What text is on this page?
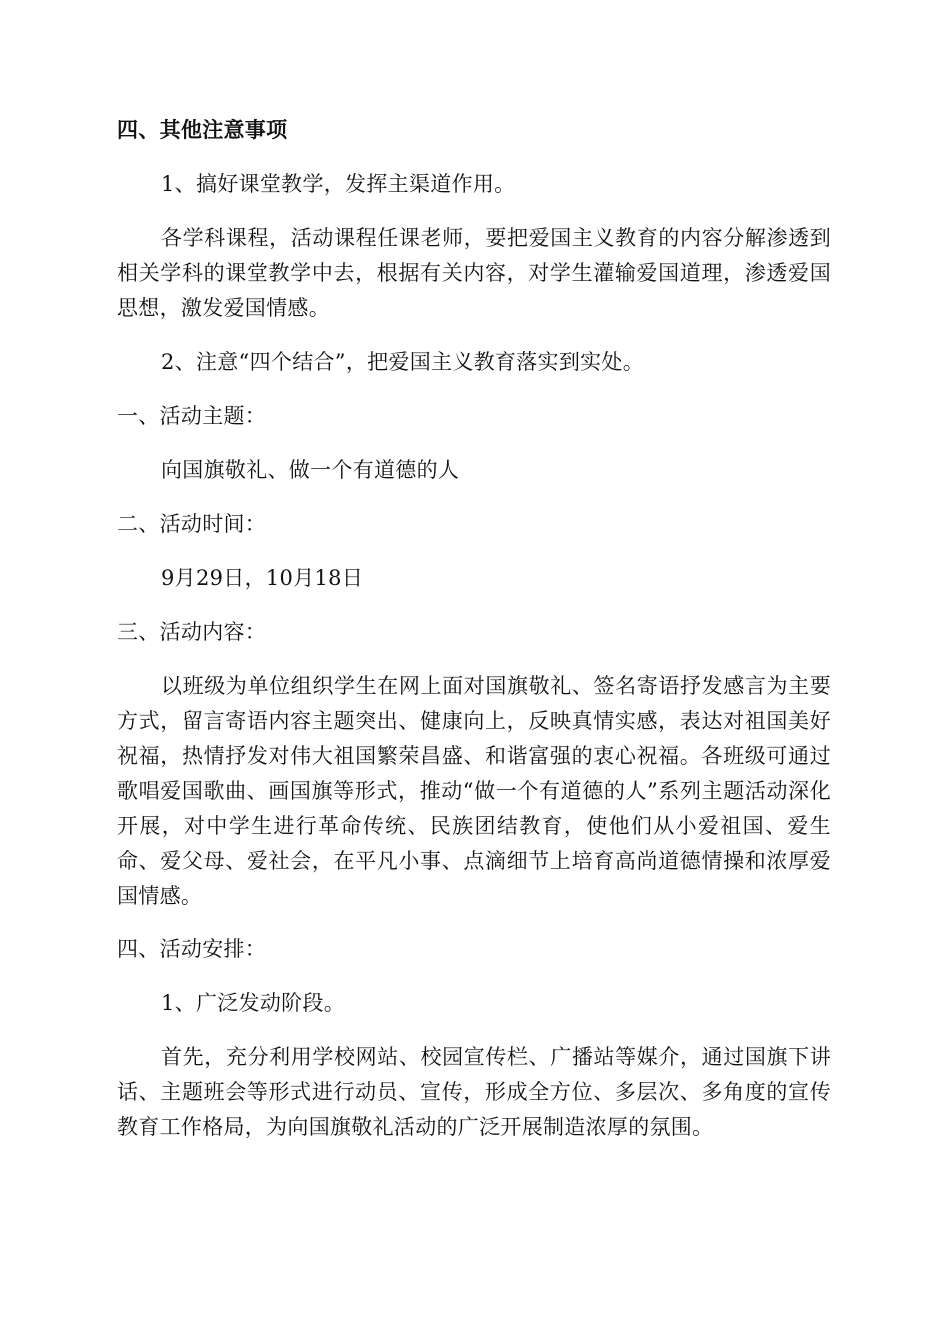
四、其他注意事项

1、搞好课堂教学，发挥主渠道作用。

各学科课程，活动课程任课老师，要把爱国主义教育的内容分解渗透到相关学科的课堂教学中去，根据有关内容，对学生灌输爱国道理，渗透爱国思想，激发爱国情感。

2、注意“四个结合”，把爱国主义教育落实到实处。

一、活动主题：

向国旗敬礼、做一个有道德的人

二、活动时间：

9月29日，10月18日

三、活动内容：

以班级为单位组织学生在网上面对国旗敬礼、签名寄语抒发感言为主要方式，留言寄语内容主题突出、健康向上，反映真情实感，表达对祖国美好祝福，热情抒发对伟大祖国繁荣昌盛、和谐富强的衷心祝福。各班级可通过歌唱爱国歌曲、画国旗等形式，推动“做一个有道德的人”系列主题活动深化开展，对中学生进行革命传统、民族团结教育，使他们从小爱祖国、爱生命、爱父母、爱社会，在平凡小事、点滴细节上培育高尚道德情操和浓厚爱国情感。

四、活动安排：

1、广泛发动阶段。

首先，充分利用学校网站、校园宣传栏、广播站等媒介，通过国旗下讲话、主题班会等形式进行动员、宣传，形成全方位、多层次、多角度的宣传教育工作格局，为向国旗敬礼活动的广泛开展制造浓厚的氛围。
